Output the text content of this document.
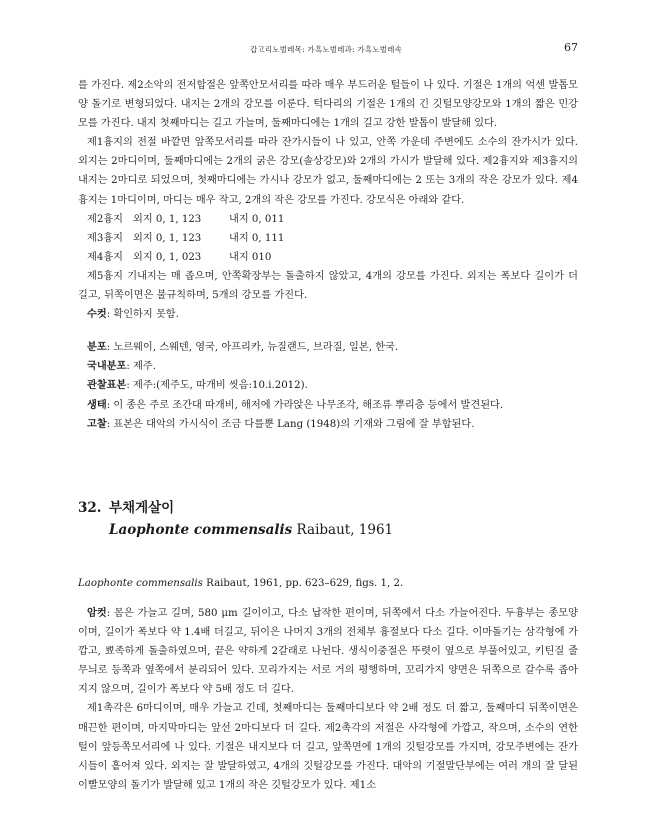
갑고리노벌레목: 가흑노벌레과: 가흑노벌레속	67

를 가진다. 제2소악의 전저합절은 앞쪽안모서리를 따라 매우 부드러운 털들이 나 있다. 기절은 1개의 억센 발톱모양 돌기로 변형되었다. 내지는 2개의 강모를 이룬다. 턱다리의 기절은 1개의 긴 깃털모양강모와 1개의 짧은 민강모를 가진다. 내지 첫째마디는 길고 가늘며, 둘째마디에는 1개의 길고 강한 발톱이 발달해 있다.

제1흉지의 전절 바깥면 앞쪽모서리를 따라 잔가시들이 나 있고, 안쪽 가운데 주변에도 소수의 잔가시가 있다. 외지는 2마디이며, 둘째마디에는 2개의 굵은 강모(솔상강모)와 2개의 가시가 발달해 있다. 제2흉지와 제3흉지의 내지는 2마디로 되었으며, 첫째마디에는 가시나 강모가 없고, 둘째마디에는 2 또는 3개의 작은 강모가 있다. 제4흉지는 1마디이며, 마디는 매우 작고, 2개의 작은 강모를 가진다. 강모식은 아래와 같다.

제2흉지 외지 0, 1, 123	내지 0, 011

제3흉지 외지 0, 1, 123	내지 0, 111

제4흉지 외지 0, 1, 023	내지 010

제5흉지 기내지는 매 좁으며, 안쪽확장부는 돌출하지 않았고, 4개의 강모를 가진다. 외지는 폭보다 길이가 더 길고, 뒤쪽이면은 불규칙하며, 5개의 강모를 가진다.

수컷: 확인하지 못함.

분포: 노르웨이, 스웨덴, 영국, 아프리카, 뉴질랜드, 브라질, 일본, 한국.

국내분포: 제주.

관찰표본: 제주:(제주도, 따개비 씻음:10.i.2012).

생태: 이 종은 주로 조간대 따개비, 해저에 가라앉은 나무조각, 해조류 뿌리층 등에서 발견된다.

고찰: 표본은 대악의 가시식이 조금 다를뿐 Lang (1948)의 기재와 그림에 잘 부합된다.

32. 부채게살이
Laophonte commensalis Raibaut, 1961
Laophonte commensalis Raibaut, 1961, pp. 623–629, figs. 1, 2.

암컷: 몸은 가늘고 길며, 580 μm 길이이고, 다소 납작한 편이며, 뒤쪽에서 다소 가늘어진다. 두흉부는 종모양이며, 길이가 폭보다 약 1.4배 더길고, 뒤이은 나머지 3개의 전체부 흉절보다 다소 길다. 이마돌기는 삼각형에 가깝고, 뾰족하게 돌출하였으며, 끝은 약하게 2갈래로 나뉜다. 생식이중절은 뚜렷이 옆으로 부풀어있고, 키틴질 줄무늬로 등쪽과 옆쪽에서 분리되어 있다. 꼬리가지는 서로 거의 평행하며, 꼬리가지 양면은 뒤쪽으로 갈수록 좁아지지 않으며, 길이가 폭보다 약 5배 정도 더 길다.

제1촉각은 6마디이며, 매우 가늘고 긴데, 첫째마디는 둘째마디보다 약 2배 정도 더 짧고, 둘째마디 뒤쪽이면은 매끈한 편이며, 마지막마디는 앞선 2마디보다 더 길다. 제2촉각의 저절은 사각형에 가깝고, 작으며, 소수의 연한 털이 앞등쪽모서리에 나 있다. 기절은 내지보다 더 길고, 앞쪽면에 1개의 깃털강모를 가지며, 강모주변에는 잔가시들이 흩어져 있다. 외지는 잘 발달하였고, 4개의 깃털강모를 가진다. 대악의 기절말단부에는 여러 개의 잘 달된 이빨모양의 돌기가 발달해 있고 1개의 작은 깃털강모가 있다. 제1소
